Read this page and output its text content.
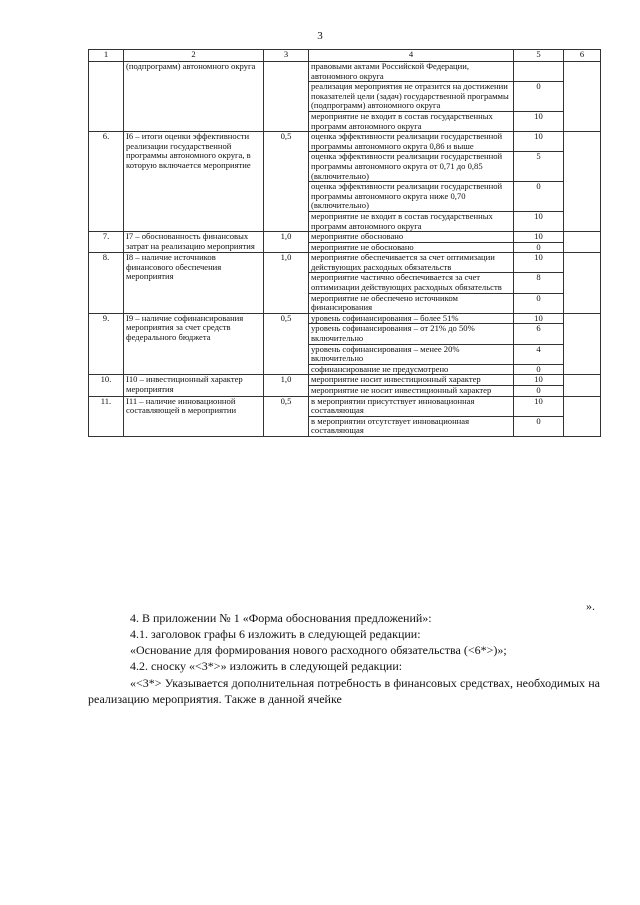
3
1	2	3	4	5	6
	(подпрограмм) автономного округа		правовыми актами Российской Федерации, автономного округа		
			реализация мероприятия не отразится на достижении показателей цели (задач) государственной программы (подпрограмм) автономного округа	0	
			мероприятие не входит в состав государственных программ автономного округа	10	
6.	I6 – итоги оценки эффективности реализации государственной программы автономного округа, в которую включается мероприятие	0,5	оценка эффективности реализации государственной программы автономного округа 0,86 и выше	10	
			оценка эффективности реализации государственной программы автономного округа от 0,71 до 0,85 (включительно)	5	
			оценка эффективности реализации государственной программы автономного округа ниже 0,70 (включительно)	0	
			мероприятие не входит в состав государственных программ автономного округа	10	
7.	I7 – обоснованность финансовых затрат на реализацию мероприятия	1,0	мероприятие обосновано	10	
			мероприятие не обосновано	0	
8.	I8 – наличие источников финансового обеспечения мероприятия	1,0	мероприятие обеспечивается за счет оптимизации действующих расходных обязательств	10	
			мероприятие частично обеспечивается за счет оптимизации действующих расходных обязательств	8	
			мероприятие не обеспечено источником финансирования	0	
9.	I9 – наличие софинансирования мероприятия за счет средств федерального бюджета	0,5	уровень софинансирования – более 51%	10	
			уровень софинансирования – от 21% до 50% включительно	6	
			уровень софинансирования – менее 20% включительно	4	
			софинансирование не предусмотрено	0	
10.	I10 – инвестиционный характер мероприятия	1,0	мероприятие носит инвестиционный характер	10	
			мероприятие не носит инвестиционный характер	0	
11.	I11 – наличие инновационной составляющей в мероприятии	0,5	в мероприятии присутствует инновационная составляющая	10	
			в мероприятии отсутствует инновационная составляющая	0	
».
4. В приложении № 1 «Форма обоснования предложений»:
4.1. заголовок графы 6 изложить в следующей редакции:
«Основание для формирования нового расходного обязательства (<6*>)»;
4.2. сноску «<3*>» изложить в следующей редакции:
«<3*> Указывается дополнительная потребность в финансовых средствах, необходимых на реализацию мероприятия. Также в данной ячейке
